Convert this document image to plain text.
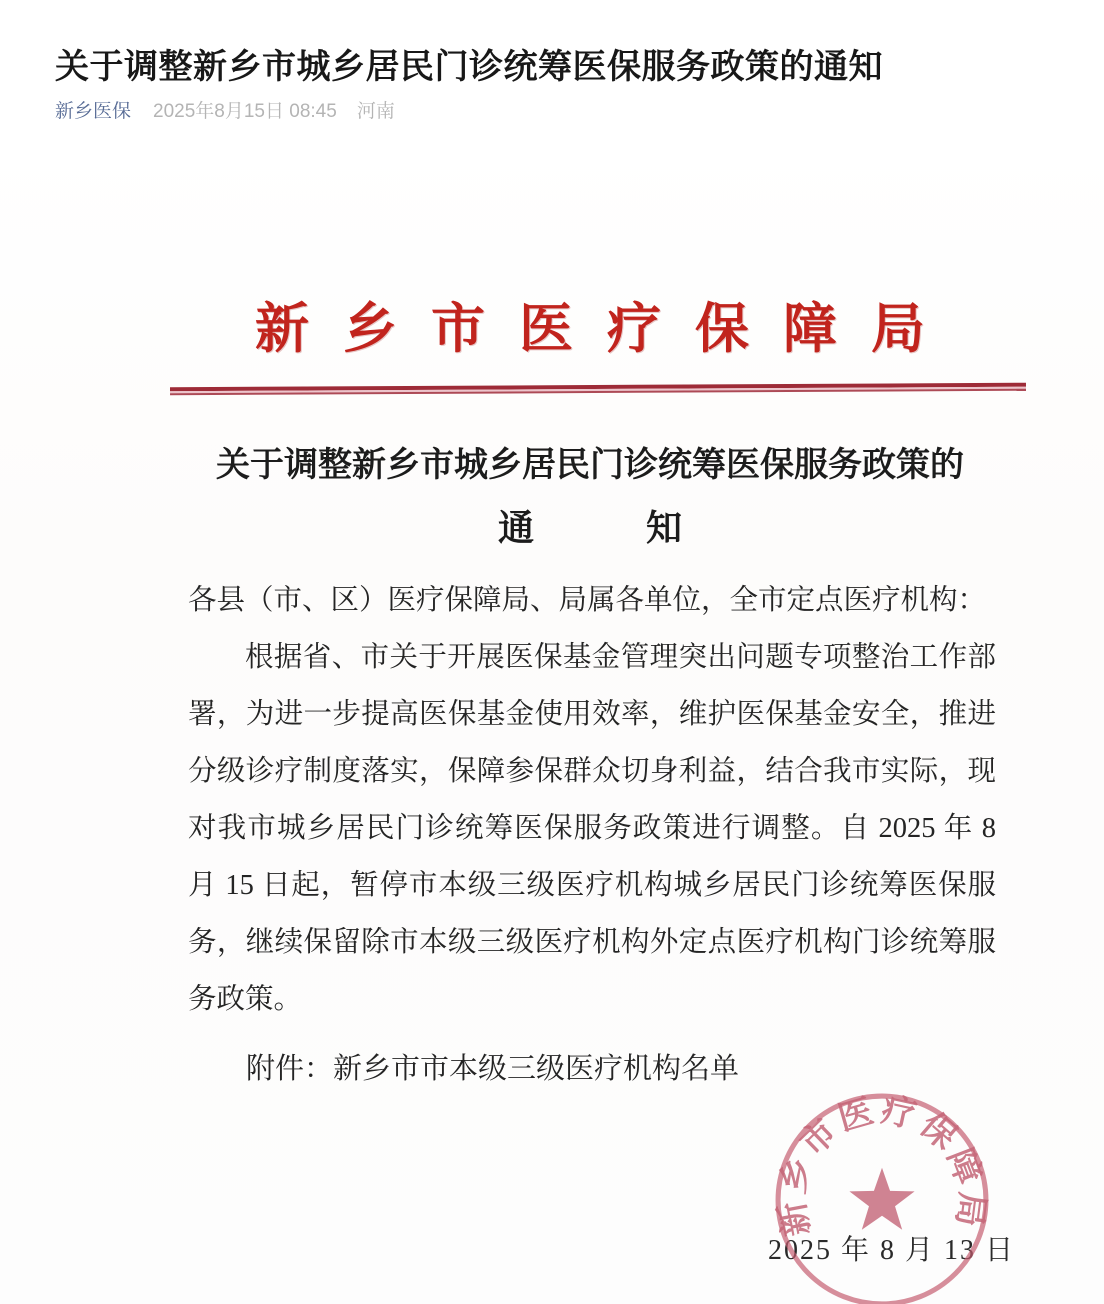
关于调整新乡市城乡居民门诊统筹医保服务政策的通知
新乡医保 2025年8月15日 08:45 河南
新乡市医疗保障局
关于调整新乡市城乡居民门诊统筹医保服务政策的
通　知

各县（市、区）医疗保障局、局属各单位，全市定点医疗机构：

根据省、市关于开展医保基金管理突出问题专项整治工作部署，为进一步提高医保基金使用效率，维护医保基金安全，推进分级诊疗制度落实，保障参保群众切身利益，结合我市实际，现对我市城乡居民门诊统筹医保服务政策进行调整。自 2025 年 8 月 15 日起，暂停市本级三级医疗机构城乡居民门诊统筹医保服务，继续保留除市本级三级医疗机构外定点医疗机构门诊统筹服务政策。

附件：新乡市市本级三级医疗机构名单
2025 年 8 月 13 日
新乡市医疗保障局
